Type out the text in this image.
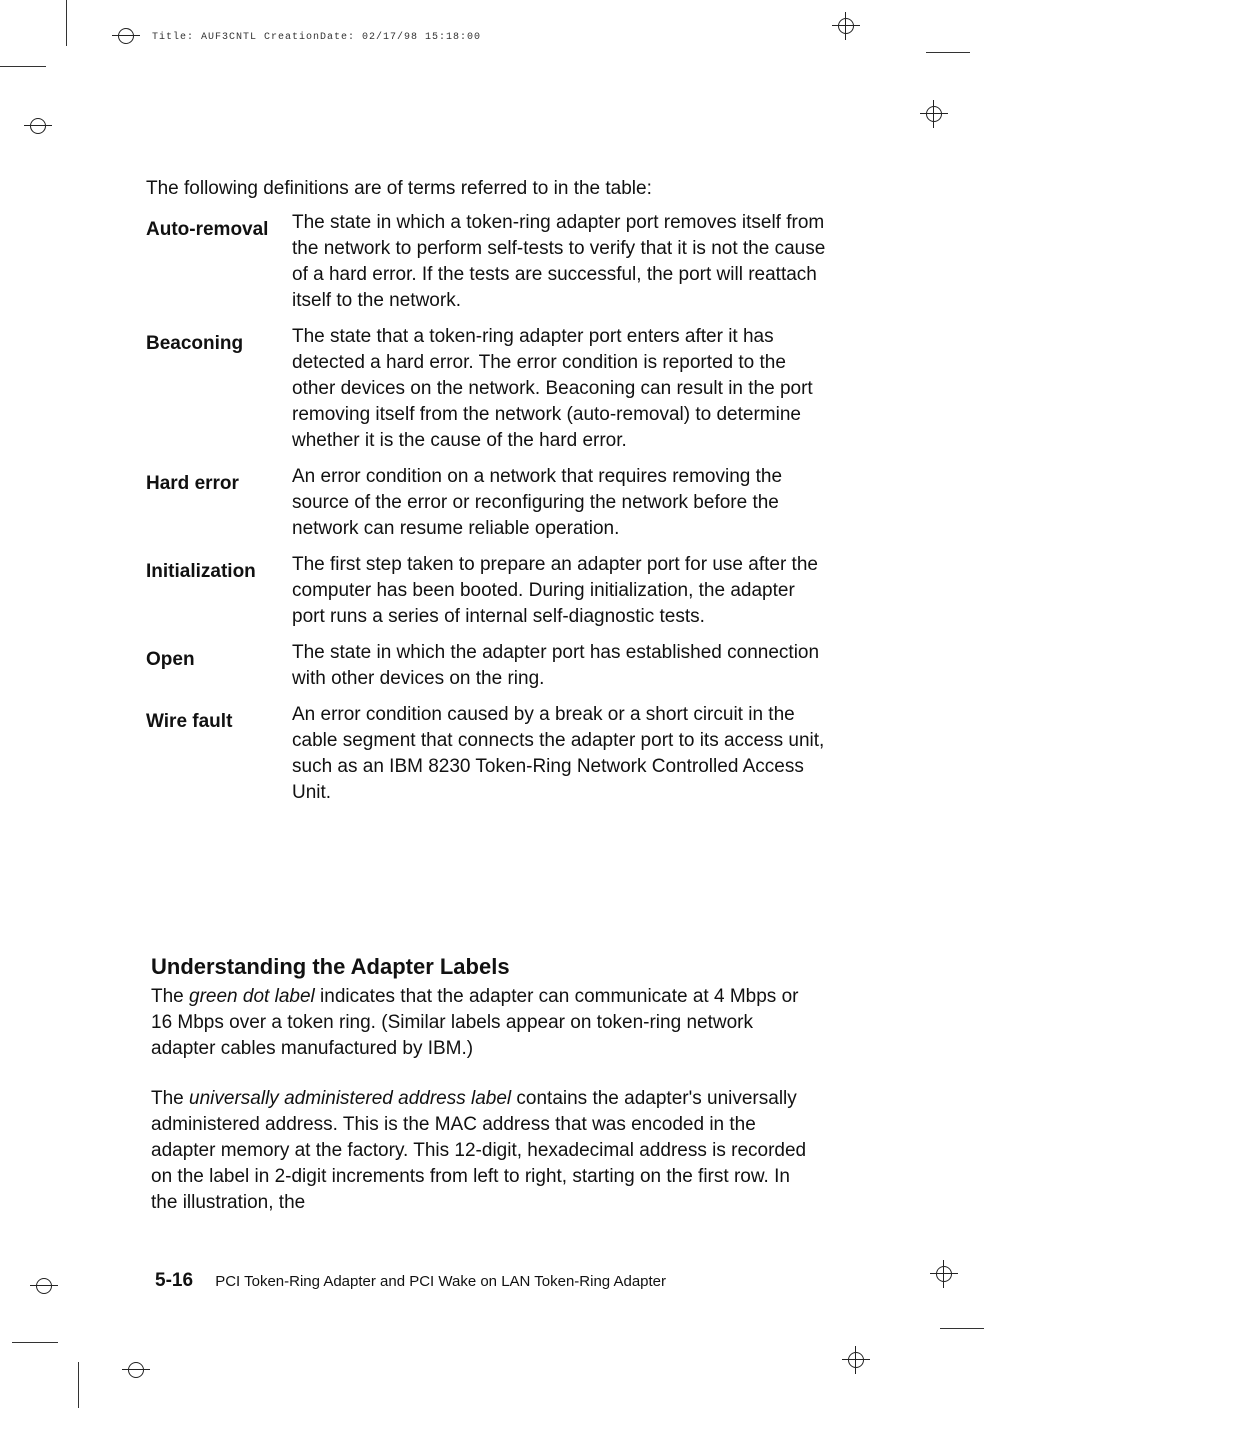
Title: AUF3CNTL CreationDate: 02/17/98 15:18:00
The following definitions are of terms referred to in the table:
Auto-removal	The state in which a token-ring adapter port removes itself from the network to perform self-tests to verify that it is not the cause of a hard error. If the tests are successful, the port will reattach itself to the network.
Beaconing	The state that a token-ring adapter port enters after it has detected a hard error. The error condition is reported to the other devices on the network. Beaconing can result in the port removing itself from the network (auto-removal) to determine whether it is the cause of the hard error.
Hard error	An error condition on a network that requires removing the source of the error or reconfiguring the network before the network can resume reliable operation.
Initialization	The first step taken to prepare an adapter port for use after the computer has been booted. During initialization, the adapter port runs a series of internal self-diagnostic tests.
Open	The state in which the adapter port has established connection with other devices on the ring.
Wire fault	An error condition caused by a break or a short circuit in the cable segment that connects the adapter port to its access unit, such as an IBM 8230 Token-Ring Network Controlled Access Unit.
Understanding the Adapter Labels
The green dot label indicates that the adapter can communicate at 4 Mbps or 16 Mbps over a token ring. (Similar labels appear on token-ring network adapter cables manufactured by IBM.)
The universally administered address label contains the adapter's universally administered address. This is the MAC address that was encoded in the adapter memory at the factory. This 12-digit, hexadecimal address is recorded on the label in 2-digit increments from left to right, starting on the first row. In the illustration, the
5-16 PCI Token-Ring Adapter and PCI Wake on LAN Token-Ring Adapter
